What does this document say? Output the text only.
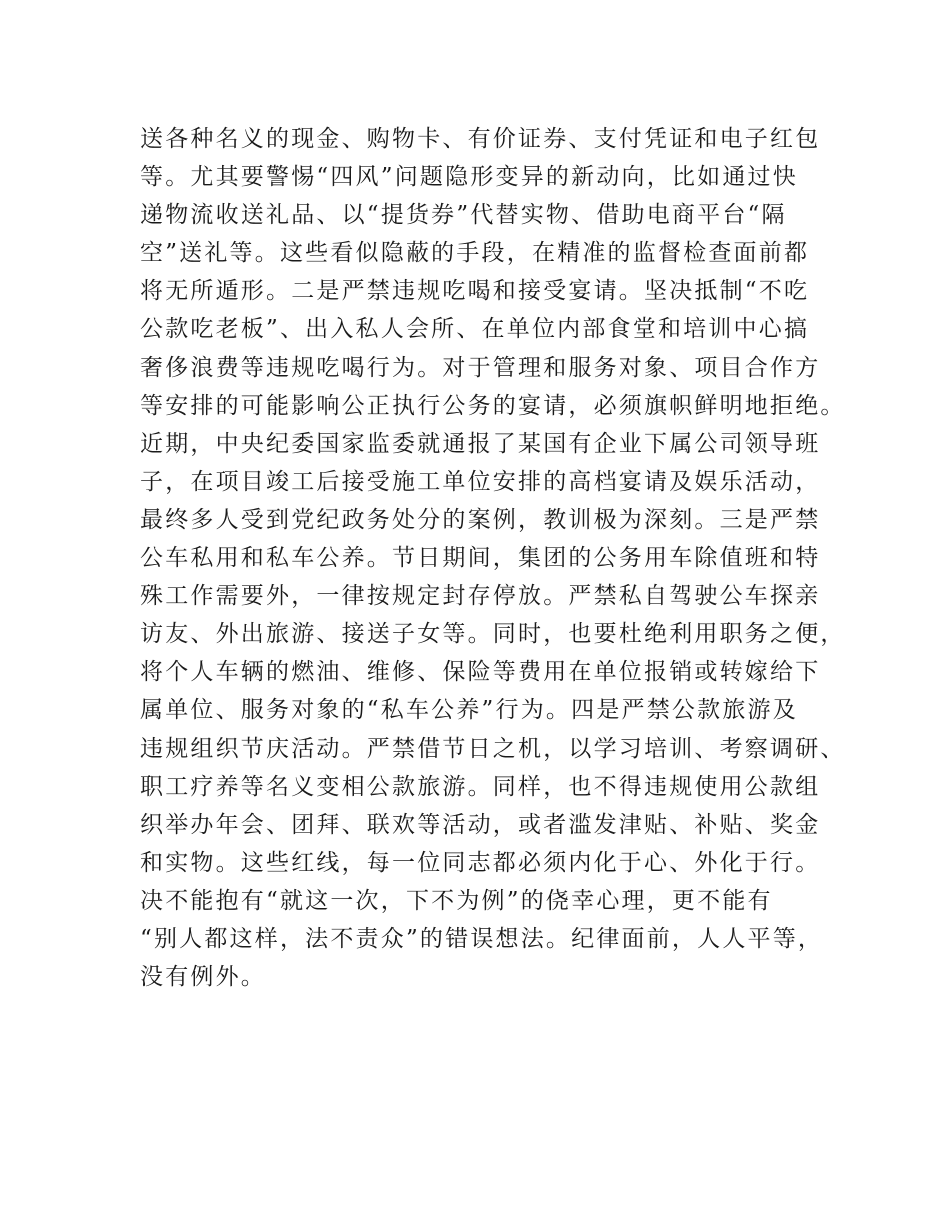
送各种名义的现金、购物卡、有价证券、支付凭证和电子红包
等。尤其要警惕“四风”问题隐形变异的新动向，比如通过快
递物流收送礼品、以“提货券”代替实物、借助电商平台“隔
空”送礼等。这些看似隐蔽的手段，在精准的监督检查面前都
将无所遁形。二是严禁违规吃喝和接受宴请。坚决抵制“不吃
公款吃老板”、出入私人会所、在单位内部食堂和培训中心搞
奢侈浪费等违规吃喝行为。对于管理和服务对象、项目合作方
等安排的可能影响公正执行公务的宴请，必须旗帜鲜明地拒绝。
近期，中央纪委国家监委就通报了某国有企业下属公司领导班
子，在项目竣工后接受施工单位安排的高档宴请及娱乐活动，
最终多人受到党纪政务处分的案例，教训极为深刻。三是严禁
公车私用和私车公养。节日期间，集团的公务用车除值班和特
殊工作需要外，一律按规定封存停放。严禁私自驾驶公车探亲
访友、外出旅游、接送子女等。同时，也要杜绝利用职务之便，
将个人车辆的燃油、维修、保险等费用在单位报销或转嫁给下
属单位、服务对象的“私车公养”行为。四是严禁公款旅游及
违规组织节庆活动。严禁借节日之机，以学习培训、考察调研、
职工疗养等名义变相公款旅游。同样，也不得违规使用公款组
织举办年会、团拜、联欢等活动，或者滥发津贴、补贴、奖金
和实物。这些红线，每一位同志都必须内化于心、外化于行。
决不能抱有“就这一次，下不为例”的侥幸心理，更不能有
“别人都这样，法不责众”的错误想法。纪律面前，人人平等，
没有例外。
